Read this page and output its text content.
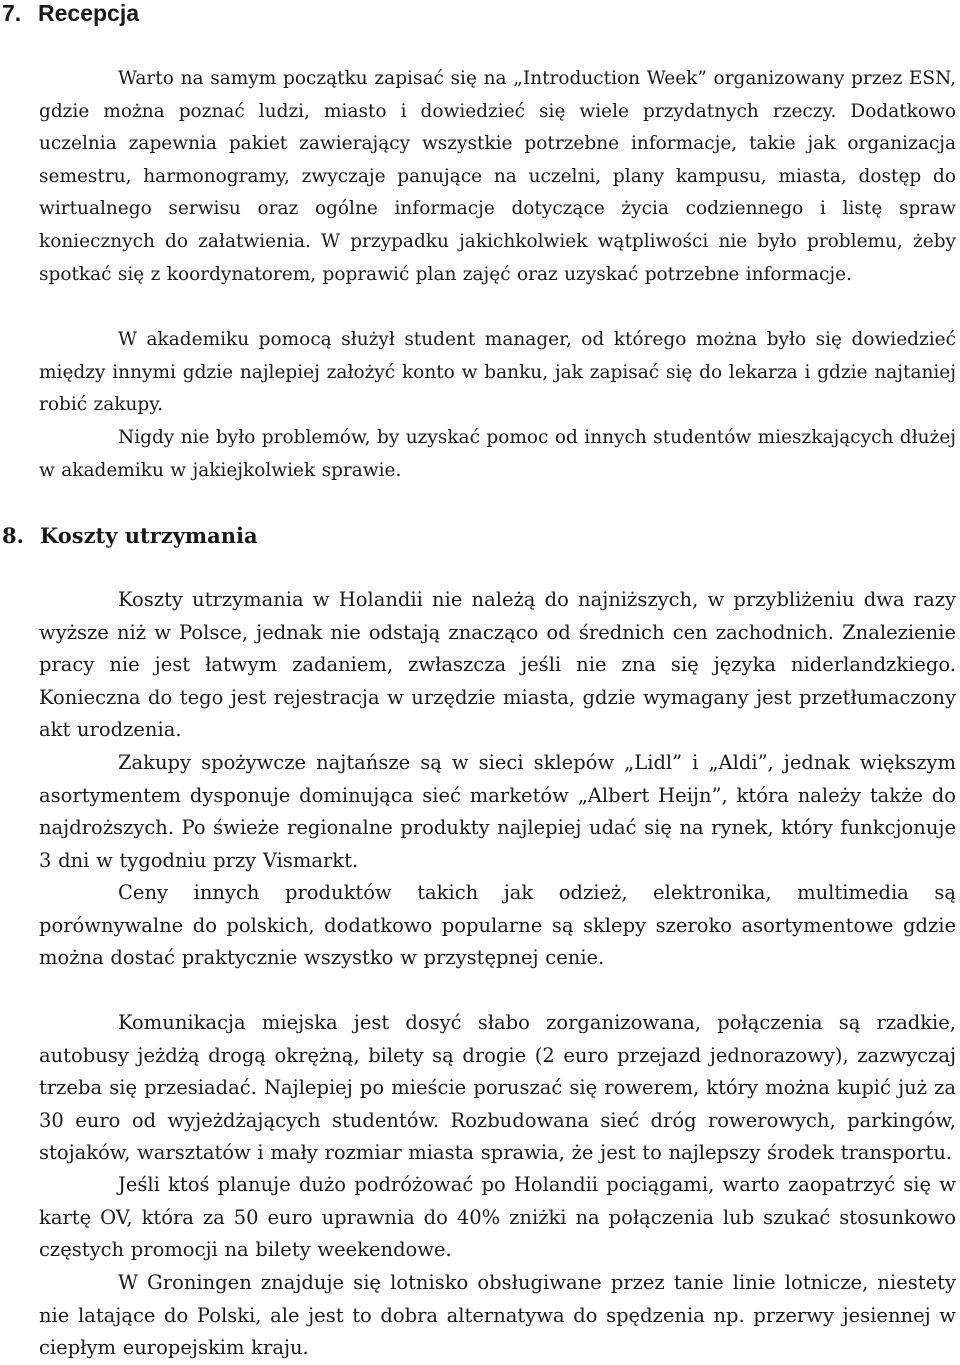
7. Recepcja

Warto na samym początku zapisać się na „Introduction Week” organizowany przez ESN, gdzie można poznać ludzi, miasto i dowiedzieć się wiele przydatnych rzeczy. Dodatkowo uczelnia zapewnia pakiet zawierający wszystkie potrzebne informacje, takie jak organizacja semestru, harmonogramy, zwyczaje panujące na uczelni, plany kampusu, miasta, dostęp do wirtualnego serwisu oraz ogólne informacje dotyczące życia codziennego i listę spraw koniecznych do załatwienia. W przypadku jakichkolwiek wątpliwości nie było problemu, żeby spotkać się z koordynatorem, poprawić plan zajęć oraz uzyskać potrzebne informacje.

W akademiku pomocą służył student manager, od którego można było się dowiedzieć między innymi gdzie najlepiej założyć konto w banku, jak zapisać się do lekarza i gdzie najtaniej robić zakupy.

Nigdy nie było problemów, by uzyskać pomoc od innych studentów mieszkających dłużej w akademiku w jakiejkolwiek sprawie.

8. Koszty utrzymania

Koszty utrzymania w Holandii nie należą do najniższych, w przybliżeniu dwa razy wyższe niż w Polsce, jednak nie odstają znacząco od średnich cen zachodnich. Znalezienie pracy nie jest łatwym zadaniem, zwłaszcza jeśli nie zna się języka niderlandzkiego. Konieczna do tego jest rejestracja w urzędzie miasta, gdzie wymagany jest przetłumaczony akt urodzenia.

Zakupy spożywcze najtańsze są w sieci sklepów „Lidl” i „Aldi”, jednak większym asortymentem dysponuje dominująca sieć marketów „Albert Heijn”, która należy także do najdroższych. Po świeże regionalne produkty najlepiej udać się na rynek, który funkcjonuje 3 dni w tygodniu przy Vismarkt.

Ceny innych produktów takich jak odzież, elektronika, multimedia są porównywalne do polskich, dodatkowo popularne są sklepy szeroko asortymentowe gdzie można dostać praktycznie wszystko w przystępnej cenie.

Komunikacja miejska jest dosyć słabo zorganizowana, połączenia są rzadkie, autobusy jeżdżą drogą okrężną, bilety są drogie (2 euro przejazd jednorazowy), zazwyczaj trzeba się przesiadać. Najlepiej po mieście poruszać się rowerem, który można kupić już za 30 euro od wyjeżdżających studentów. Rozbudowana sieć dróg rowerowych, parkingów, stojaków, warsztatów i mały rozmiar miasta sprawia, że jest to najlepszy środek transportu.

Jeśli ktoś planuje dużo podróżować po Holandii pociągami, warto zaopatrzyć się w kartę OV, która za 50 euro uprawnia do 40% zniżki na połączenia lub szukać stosunkowo częstych promocji na bilety weekendowe.

W Groningen znajduje się lotnisko obsługiwane przez tanie linie lotnicze, niestety nie latające do Polski, ale jest to dobra alternatywa do spędzenia np. przerwy jesiennej w ciepłym europejskim kraju.
